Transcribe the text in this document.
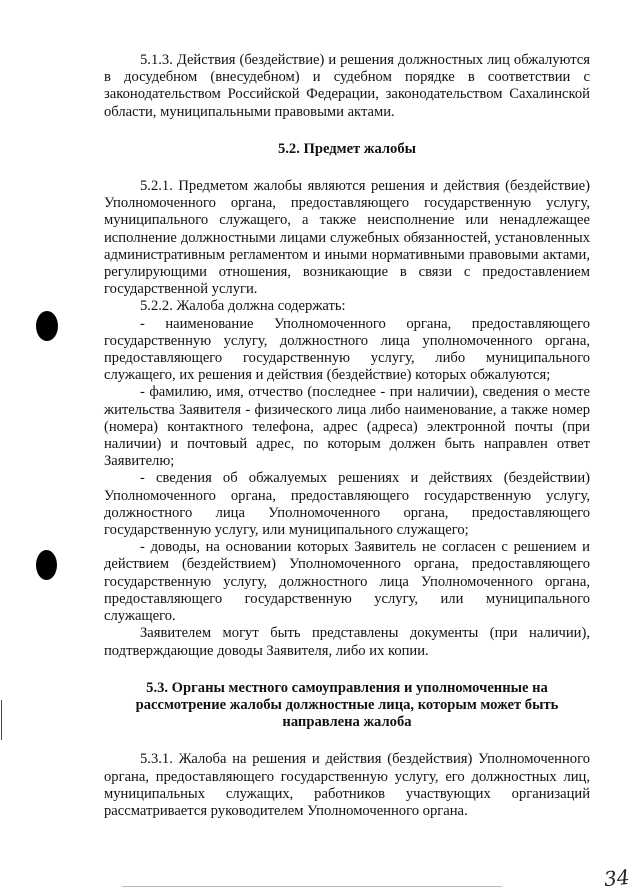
5.1.3. Действия (бездействие) и решения должностных лиц обжалуются в досудебном (внесудебном) и судебном порядке в соответствии с законодательством Российской Федерации, законодательством Сахалинской области, муниципальными правовыми актами.

5.2. Предмет жалобы

5.2.1. Предметом жалобы являются решения и действия (бездействие) Уполномоченного органа, предоставляющего государственную услугу, муниципального служащего, а также неисполнение или ненадлежащее исполнение должностными лицами служебных обязанностей, установленных административным регламентом и иными нормативными правовыми актами, регулирующими отношения, возникающие в связи с предоставлением государственной услуги.

5.2.2. Жалоба должна содержать:

- наименование Уполномоченного органа, предоставляющего государственную услугу, должностного лица уполномоченного органа, предоставляющего государственную услугу, либо муниципального служащего, их решения и действия (бездействие) которых обжалуются;

- фамилию, имя, отчество (последнее - при наличии), сведения о месте жительства Заявителя - физического лица либо наименование, а также номер (номера) контактного телефона, адрес (адреса) электронной почты (при наличии) и почтовый адрес, по которым должен быть направлен ответ Заявителю;

- сведения об обжалуемых решениях и действиях (бездействии) Уполномоченного органа, предоставляющего государственную услугу, должностного лица Уполномоченного органа, предоставляющего государственную услугу, или муниципального служащего;

- доводы, на основании которых Заявитель не согласен с решением и действием (бездействием) Уполномоченного органа, предоставляющего государственную услугу, должностного лица Уполномоченного органа, предоставляющего государственную услугу, или муниципального служащего.

Заявителем могут быть представлены документы (при наличии), подтверждающие доводы Заявителя, либо их копии.

5.3. Органы местного самоуправления и уполномоченные на рассмотрение жалобы должностные лица, которым может быть направлена жалоба

5.3.1. Жалоба на решения и действия (бездействия) Уполномоченного органа, предоставляющего государственную услугу, его должностных лиц, муниципальных служащих, работников участвующих организаций рассматривается руководителем Уполномоченного органа.

34
